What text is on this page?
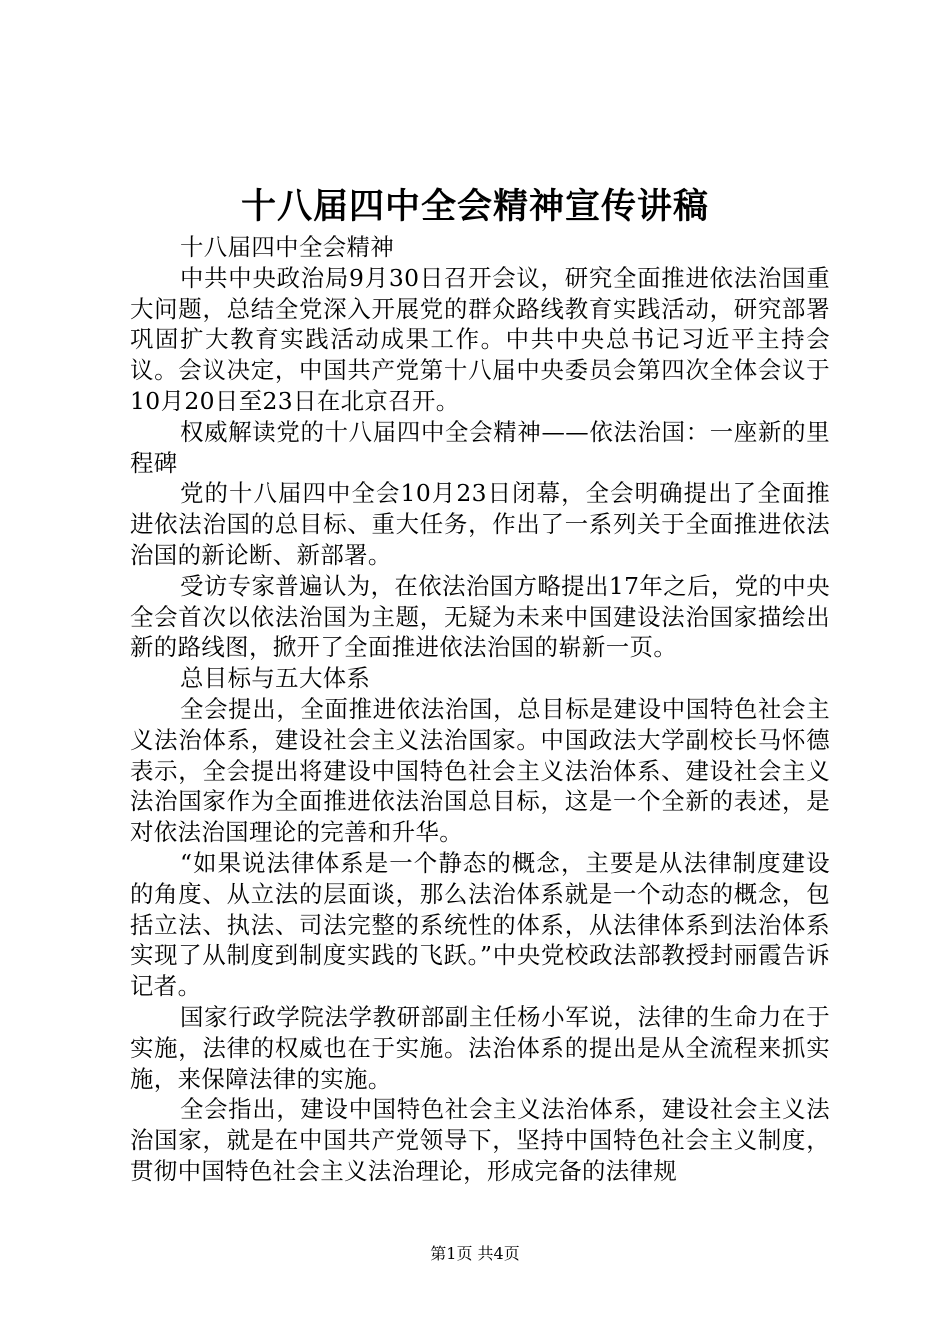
十八届四中全会精神宣传讲稿

十八届四中全会精神

中共中央政治局9月30日召开会议，研究全面推进依法治国重大问题，总结全党深入开展党的群众路线教育实践活动，研究部署巩固扩大教育实践活动成果工作。中共中央总书记习近平主持会议。会议决定，中国共产党第十八届中央委员会第四次全体会议于10月20日至23日在北京召开。

权威解读党的十八届四中全会精神——依法治国：一座新的里程碑

党的十八届四中全会10月23日闭幕，全会明确提出了全面推进依法治国的总目标、重大任务，作出了一系列关于全面推进依法治国的新论断、新部署。

受访专家普遍认为，在依法治国方略提出17年之后，党的中央全会首次以依法治国为主题，无疑为未来中国建设法治国家描绘出新的路线图，掀开了全面推进依法治国的崭新一页。

总目标与五大体系

全会提出，全面推进依法治国，总目标是建设中国特色社会主义法治体系，建设社会主义法治国家。中国政法大学副校长马怀德表示，全会提出将建设中国特色社会主义法治体系、建设社会主义法治国家作为全面推进依法治国总目标，这是一个全新的表述，是对依法治国理论的完善和升华。

“如果说法律体系是一个静态的概念，主要是从法律制度建设的角度、从立法的层面谈，那么法治体系就是一个动态的概念，包括立法、执法、司法完整的系统性的体系，从法律体系到法治体系实现了从制度到制度实践的飞跃。”中央党校政法部教授封丽霞告诉记者。

国家行政学院法学教研部副主任杨小军说，法律的生命力在于实施，法律的权威也在于实施。法治体系的提出是从全流程来抓实施，来保障法律的实施。

全会指出，建设中国特色社会主义法治体系，建设社会主义法治国家，就是在中国共产党领导下，坚持中国特色社会主义制度，贯彻中国特色社会主义法治理论，形成完备的法律规

第1页 共4页
